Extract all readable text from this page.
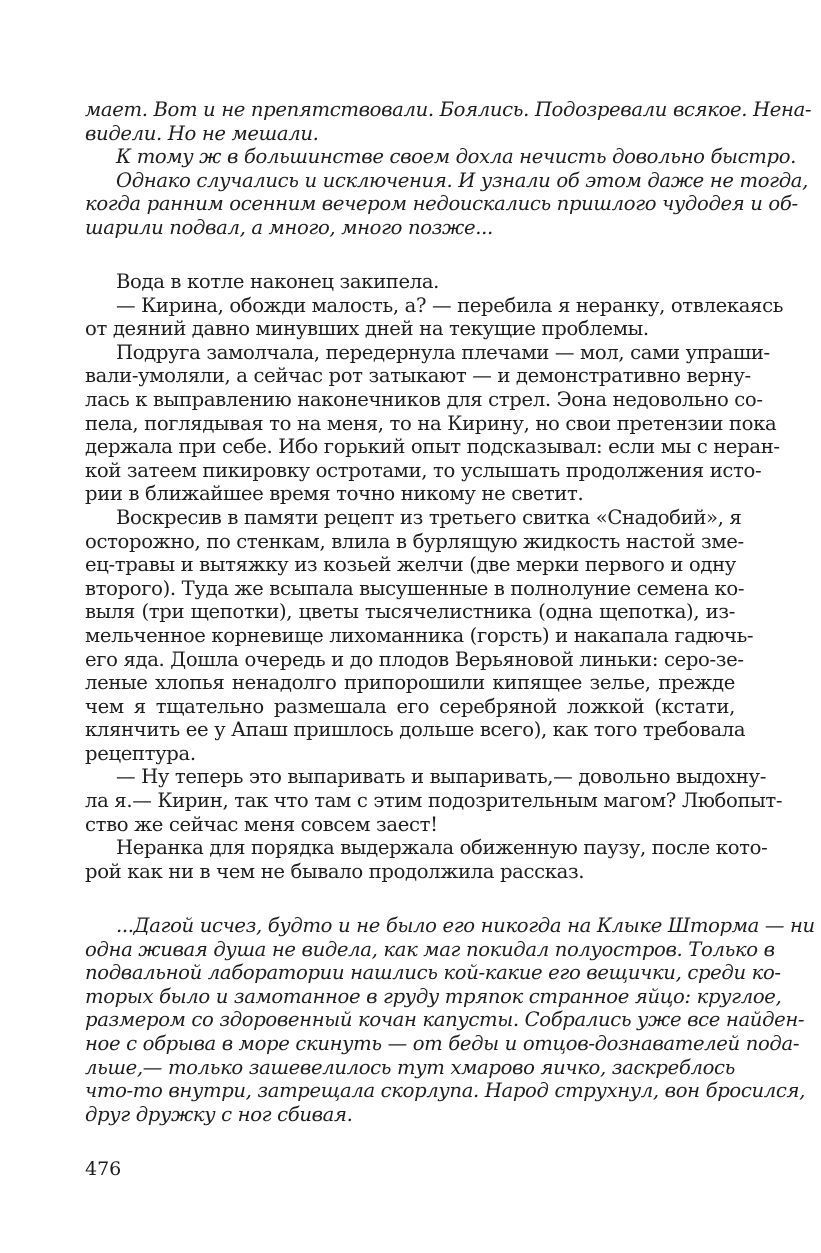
мает. Вот и не препятствовали. Боялись. Подозревали всякое. Нена-
видели. Но не мешали.
К тому ж в большинстве своем дохла нечисть довольно быстро.
Однако случались и исключения. И узнали об этом даже не тогда,
когда ранним осенним вечером недоискались пришлого чудодея и об-
шарили подвал, а много, много позже...
Вода в котле наконец закипела.
— Кирина, обожди малость, а? — перебила я неранку, отвлекаясь
от деяний давно минувших дней на текущие проблемы.
Подруга замолчала, передернула плечами — мол, сами упраши-
вали-умоляли, а сейчас рот затыкают — и демонстративно верну-
лась к выправлению наконечников для стрел. Эона недовольно со-
пела, поглядывая то на меня, то на Кирину, но свои претензии пока
держала при себе. Ибо горький опыт подсказывал: если мы с неран-
кой затеем пикировку остротами, то услышать продолжения исто-
рии в ближайшее время точно никому не светит.
Воскресив в памяти рецепт из третьего свитка «Снадобий», я
осторожно, по стенкам, влила в бурлящую жидкость настой зме-
ец-травы и вытяжку из козьей желчи (две мерки первого и одну
второго). Туда же всыпала высушенные в полнолуние семена ко-
выля (три щепотки), цветы тысячелистника (одна щепотка), из-
мельченное корневище лихоманника (горсть) и накапала гадючь-
его яда. Дошла очередь и до плодов Верьяновой линьки: серо-зе-
леные хлопья ненадолго припорошили кипящее зелье, прежде
чем я тщательно размешала его серебряной ложкой (кстати,
клянчить ее у Апаш пришлось дольше всего), как того требовала
рецептура.
— Ну теперь это выпаривать и выпаривать,— довольно выдохну-
ла я.— Кирин, так что там с этим подозрительным магом? Любопыт-
ство же сейчас меня совсем заест!
Неранка для порядка выдержала обиженную паузу, после кото-
рой как ни в чем не бывало продолжила рассказ.
...Дагой исчез, будто и не было его никогда на Клыке Шторма — ни
одна живая душа не видела, как маг покидал полуостров. Только в
подвальной лаборатории нашлись кой-какие его вещички, среди ко-
торых было и замотанное в груду тряпок странное яйцо: круглое,
размером со здоровенный кочан капусты. Собрались уже все найден-
ное с обрыва в море скинуть — от беды и отцов-дознавателей пода-
льше,— только зашевелилось тут хмарово яичко, заскреблось
что-то внутри, затрещала скорлупа. Народ струхнул, вон бросился,
друг дружку с ног сбивая.
476
